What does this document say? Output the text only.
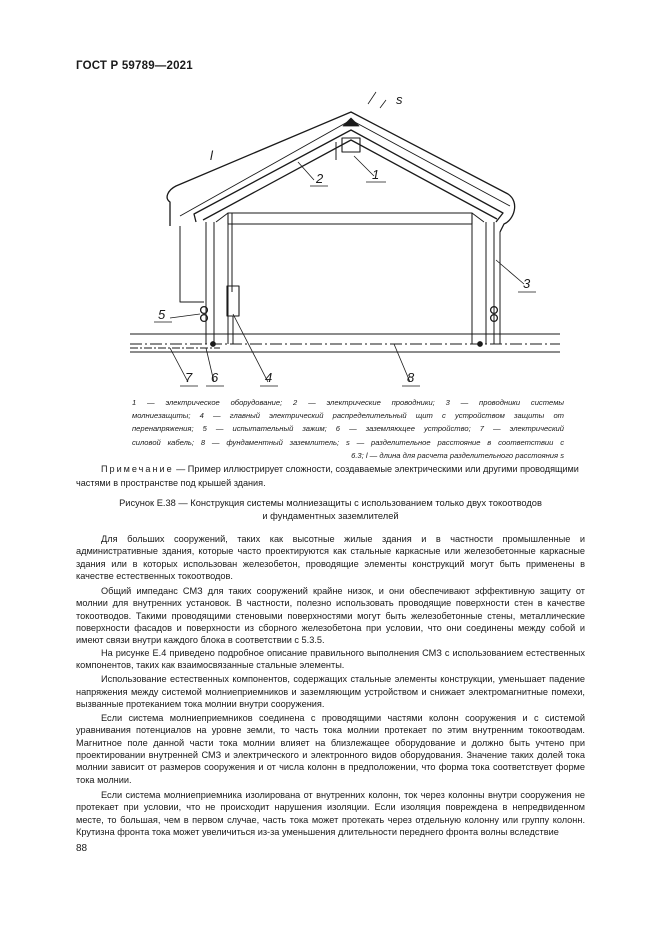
ГОСТ Р 59789—2021
1
2
3
4
5
6
7	8
s
l
1 — электрическое оборудование; 2 — электрические проводники; 3 — проводники системы
молниезащиты; 4 — главный электрический распределительный щит с устройством защиты от
перенапряжения; 5 — испытательный зажим; 6 — заземляющее устройство; 7 — электрический
силовой кабель; 8 — фундаментный заземлитель; s — разделительное расстояние в соответствии с
6.3; l — длина для расчета разделительного расстояния s
Примечание — Пример иллюстрирует сложности, создаваемые электрическими или другими проводящими частями в пространстве под крышей здания.
Рисунок Е.38 — Конструкция системы молниезащиты с использованием только двух токоотводов
и фундаментных заземлителей

Для больших сооружений, таких как высотные жилые здания и в частности промышленные и административные здания, которые часто проектируются как стальные каркасные или железобетонные каркасные здания или в которых использован железобетон, проводящие элементы конструкций могут быть применены в качестве естественных токоотводов.

Общий импеданс СМЗ для таких сооружений крайне низок, и они обеспечивают эффективную защиту от молнии для внутренних установок. В частности, полезно использовать проводящие поверхности стен в качестве токоотводов. Такими проводящими стеновыми поверхностями могут быть железобетонные стены, металлические поверхности фасадов и поверхности из сборного железобетона при условии, что они соединены между собой и имеют связи внутри каждого блока в соответствии с 5.3.5.

На рисунке Е.4 приведено подробное описание правильного выполнения СМЗ с использованием естественных компонентов, таких как взаимосвязанные стальные элементы.

Использование естественных компонентов, содержащих стальные элементы конструкции, уменьшает падение напряжения между системой молниеприемников и заземляющим устройством и снижает электромагнитные помехи, вызванные протеканием тока молнии внутри сооружения.

Если система молниеприемников соединена с проводящими частями колонн сооружения и с системой уравнивания потенциалов на уровне земли, то часть тока молнии протекает по этим внутренним токоотводам. Магнитное поле данной части тока молнии влияет на близлежащее оборудование и должно быть учтено при проектировании внутренней СМЗ и электрического и электронного видов оборудования. Значение таких долей тока молнии зависит от размеров сооружения и от числа колонн в предположении, что форма тока соответствует форме тока молнии.

Если система молниеприемника изолирована от внутренних колонн, ток через колонны внутри сооружения не протекает при условии, что не происходит нарушения изоляции. Если изоляция повреждена в непредвиденном месте, то большая, чем в первом случае, часть тока может протекать через отдельную колонну или группу колонн. Крутизна фронта тока может увеличиться из-за уменьшения длительности переднего фронта волны вследствие

88
